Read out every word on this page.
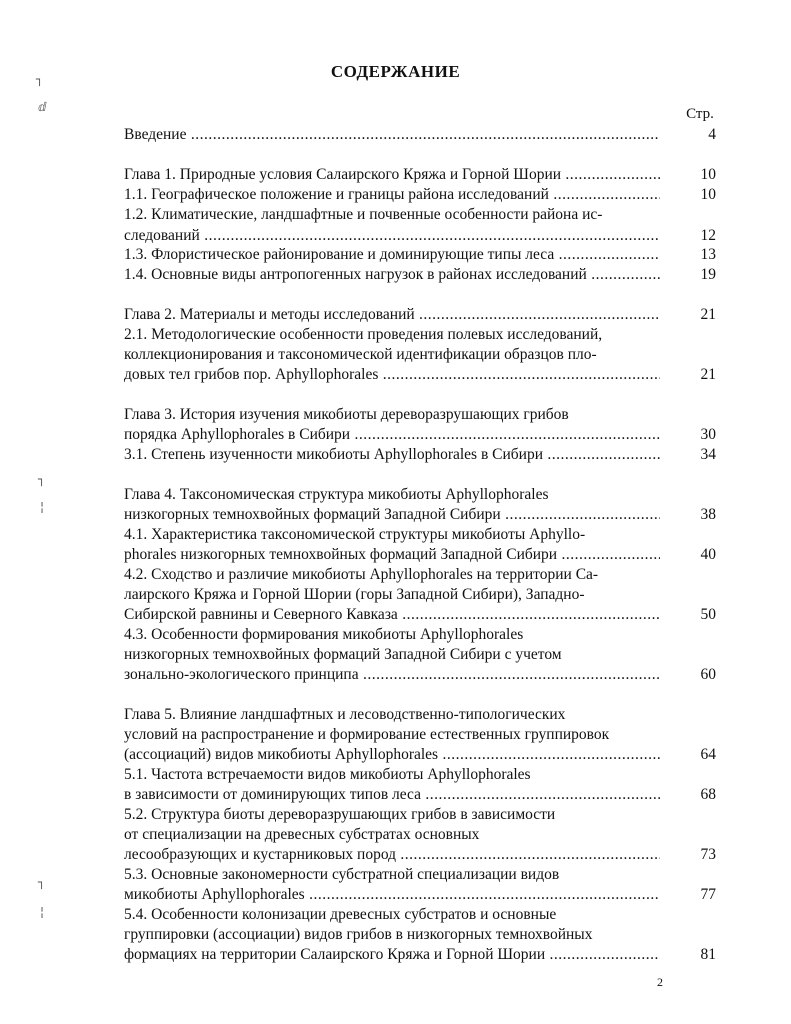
СОДЕРЖАНИЕ
Стр.
Введение .....	4
Глава 1. Природные условия Салаирского Кряжа и Горной Шории .....	10
1.1. Географическое положение и границы района исследований .....	10
1.2. Климатические, ландшафтные и почвенные особенности района ис-
следований .....	12
1.3. Флористическое районирование и доминирующие типы леса .....	13
1.4. Основные виды антропогенных нагрузок в районах исследований .....	19
Глава 2. Материалы и методы исследований .....	21
2.1. Методологические особенности проведения полевых исследований,
коллекционирования и таксономической идентификации образцов пло-
довых тел грибов пор. Aphyllophorales .....	21
Глава 3. История изучения микобиоты дереворазрушающих грибов
порядка Aphyllophorales в Сибири .....	30
3.1. Степень изученности микобиоты Aphyllophorales в Сибири .....	34
Глава 4. Таксономическая структура микобиоты Aphyllophorales
низкогорных темнохвойных формаций Западной Сибири .....	38
4.1. Характеристика таксономической структуры микобиоты Aphyllo-
phorales низкогорных темнохвойных формаций Западной Сибири .....	40
4.2. Сходство и различие микобиоты Aphyllophorales на территории Са-
лаирского Кряжа и Горной Шории (горы Западной Сибири), Западно-
Сибирской равнины и Северного Кавказа .....	50
4.3. Особенности формирования микобиоты Aphyllophorales
низкогорных темнохвойных формаций Западной Сибири с учетом
зонально-экологического принципа .....	60
Глава 5. Влияние ландшафтных и лесоводственно-типологических
условий на распространение и формирование естественных группировок
(ассоциаций) видов микобиоты Aphyllophorales .....	64
5.1. Частота встречаемости видов микобиоты Aphyllophorales
в зависимости от доминирующих типов леса .....	68
5.2. Структура биоты дереворазрушающих грибов в зависимости
от специализации на древесных субстратах основных
лесообразующих и кустарниковых пород .....	73
5.3. Основные закономерности субстратной специализации видов
микобиоты Aphyllophorales .....	77
5.4. Особенности колонизации древесных субстратов и основные
группировки (ассоциации) видов грибов в низкогорных темнохвойных
формациях на территории Салаирского Кряжа и Горной Шории .....	81
2
┐
ⅆ
┐
¦
┐
¦
